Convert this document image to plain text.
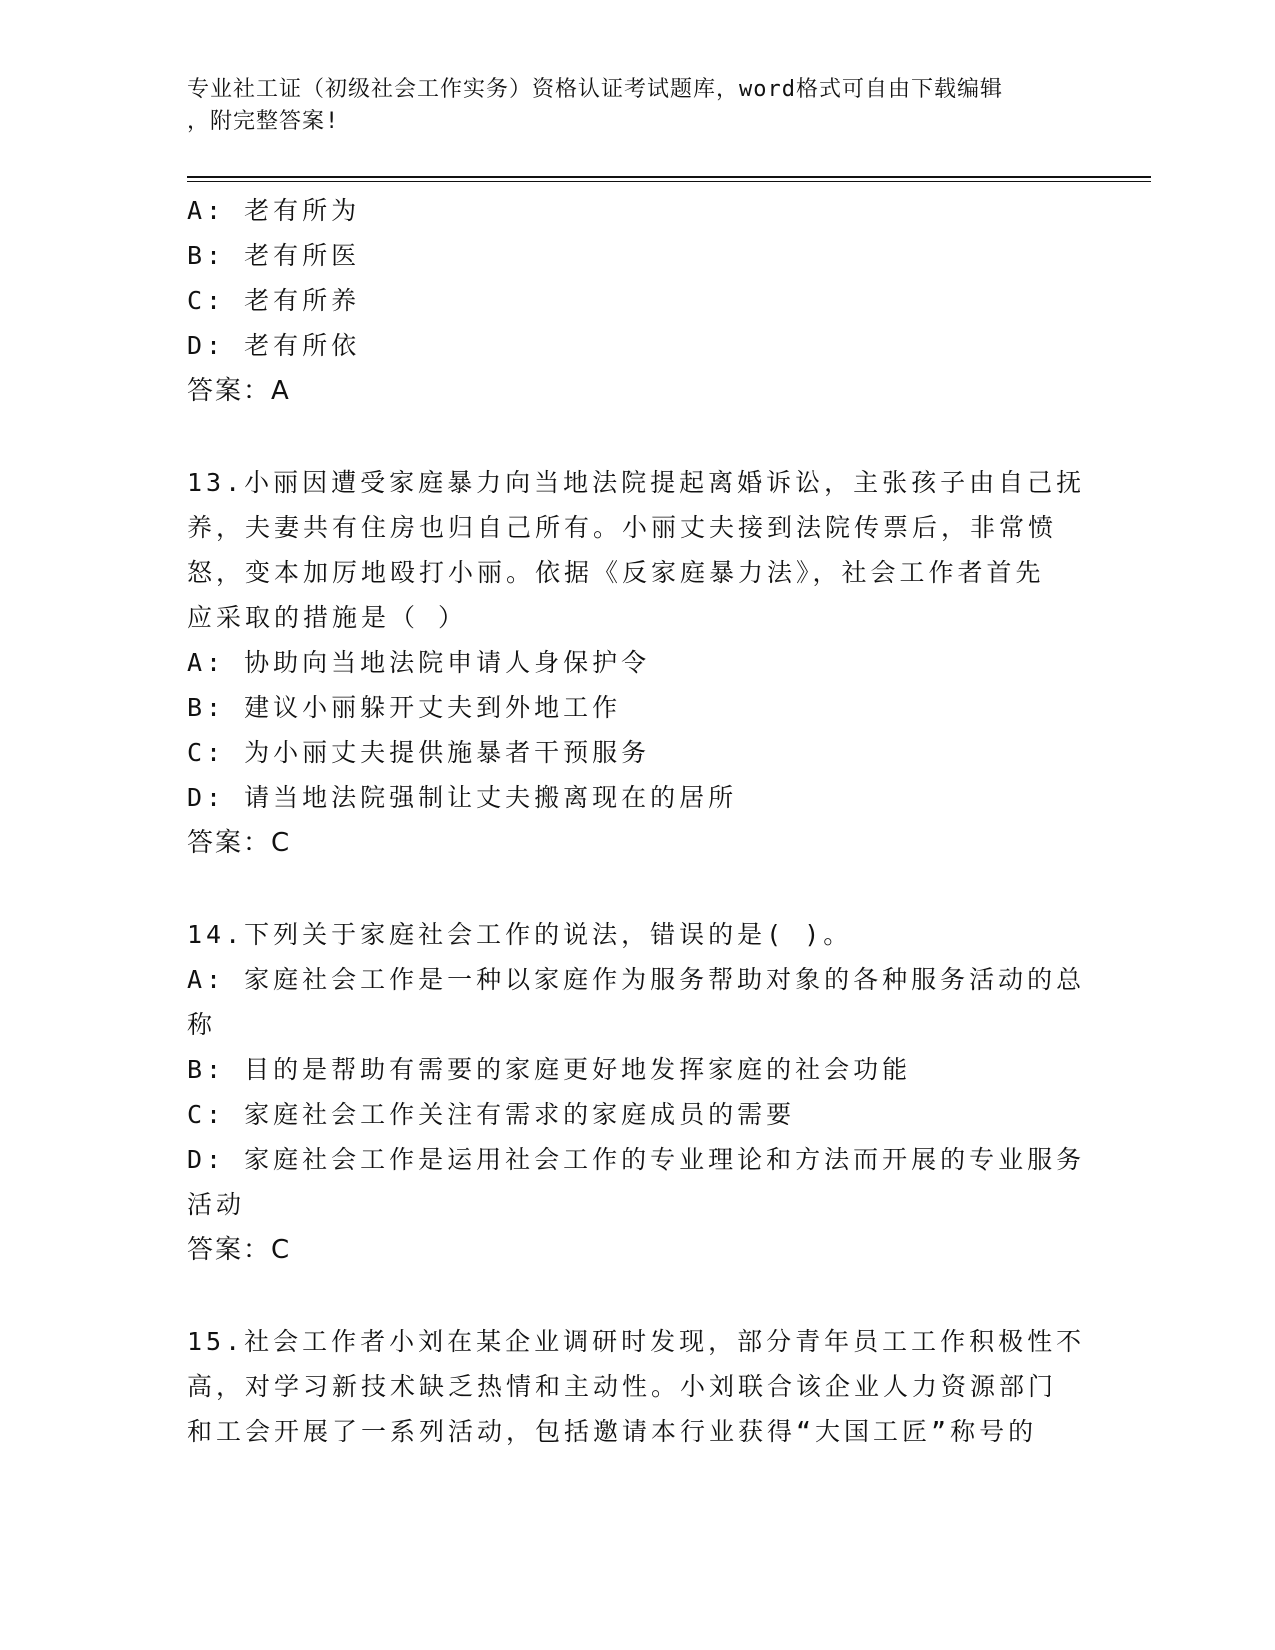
专业社工证（初级社会工作实务）资格认证考试题库，word格式可自由下载编辑
，附完整答案!
A: 老有所为
B: 老有所医
C: 老有所养
D: 老有所依
答案：A
13.小丽因遭受家庭暴力向当地法院提起离婚诉讼，主张孩子由自己抚
养，夫妻共有住房也归自己所有。小丽丈夫接到法院传票后，非常愤
怒，变本加厉地殴打小丽。依据《反家庭暴力法》，社会工作者首先
应采取的措施是（ ）
A: 协助向当地法院申请人身保护令
B: 建议小丽躲开丈夫到外地工作
C: 为小丽丈夫提供施暴者干预服务
D: 请当地法院强制让丈夫搬离现在的居所
答案：C
14.下列关于家庭社会工作的说法，错误的是( )。
A: 家庭社会工作是一种以家庭作为服务帮助对象的各种服务活动的总
称
B: 目的是帮助有需要的家庭更好地发挥家庭的社会功能
C: 家庭社会工作关注有需求的家庭成员的需要
D: 家庭社会工作是运用社会工作的专业理论和方法而开展的专业服务
活动
答案：C
15.社会工作者小刘在某企业调研时发现，部分青年员工工作积极性不
高，对学习新技术缺乏热情和主动性。小刘联合该企业人力资源部门
和工会开展了一系列活动，包括邀请本行业获得“大国工匠”称号的
